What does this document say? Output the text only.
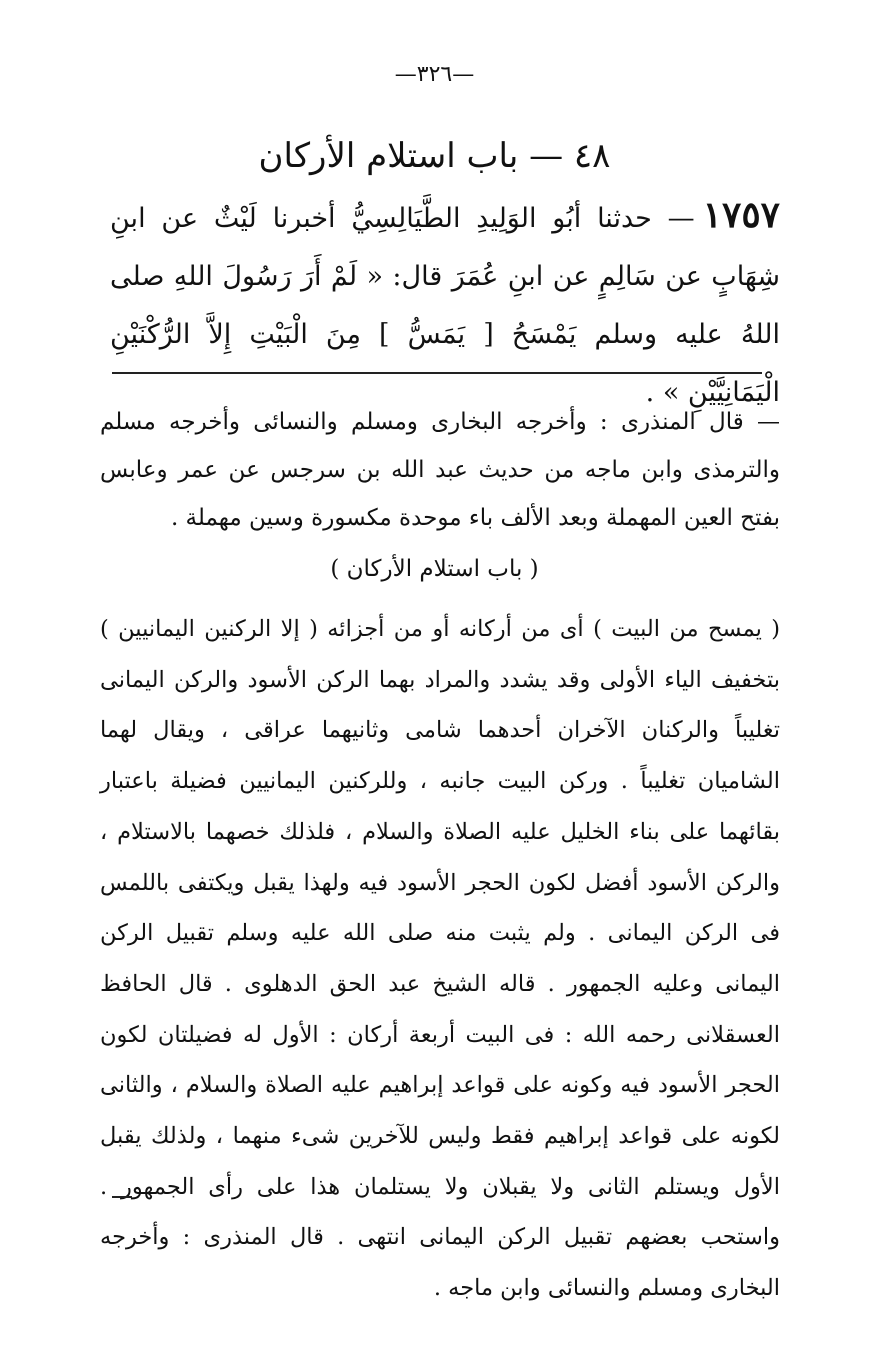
—٣٢٦—
٤٨ — باب استلام الأركان
١٧٥٧— حدثنا أبُو الوَلِيدِ الطَّيَالِسِيُّ أخبرنا لَيْثٌ عن ابنِ شِهَابٍ عن سَالِمٍ عن ابنِ عُمَرَ قال: « لَمْ أَرَ رَسُولَ اللهِ صلى اللهُ عليه وسلم يَمْسَحُ [ يَمَسُّ ] مِنَ الْبَيْتِ إِلاَّ الرُّكْنَيْنِ الْيَمَانِيَّيْنِ » .
— قال المنذرى : وأخرجه البخارى ومسلم والنسائى وأخرجه مسلم والترمذى وابن ماجه من حديث عبد الله بن سرجس عن عمر وعابس بفتح العين المهملة وبعد الألف باء موحدة مكسورة وسين مهملة .
( باب استلام الأركان )
( يمسح من البيت ) أى من أركانه أو من أجزائه ( إلا الركنين اليمانيين ) بتخفيف الياء الأولى وقد يشدد والمراد بهما الركن الأسود والركن اليمانى تغليباً والركنان الآخران أحدهما شامى وثانيهما عراقى ، ويقال لهما الشاميان تغليباً . وركن البيت جانبه ، وللركنين اليمانيين فضيلة باعتبار بقائهما على بناء الخليل عليه الصلاة والسلام ، فلذلك خصهما بالاستلام ، والركن الأسود أفضل لكون الحجر الأسود فيه ولهذا يقبل ويكتفى باللمس فى الركن اليمانى . ولم يثبت منه صلى الله عليه وسلم تقبيل الركن اليمانى وعليه الجمهور . قاله الشيخ عبد الحق الدهلوى . قال الحافظ العسقلانى رحمه الله : فى البيت أربعة أركان : الأول له فضيلتان لكون الحجر الأسود فيه وكونه على قواعد إبراهيم عليه الصلاة والسلام ، والثانى لكونه على قواعد إبراهيم فقط وليس للآخرين شىء منهما ، ولذلك يقبل الأول ويستلم الثانى ولا يقبلان ولا يستلمان هذا على رأى الجمهور . واستحب بعضهم تقبيل الركن اليمانى انتهى . قال المنذرى : وأخرجه البخارى ومسلم والنسائى وابن ماجه .
